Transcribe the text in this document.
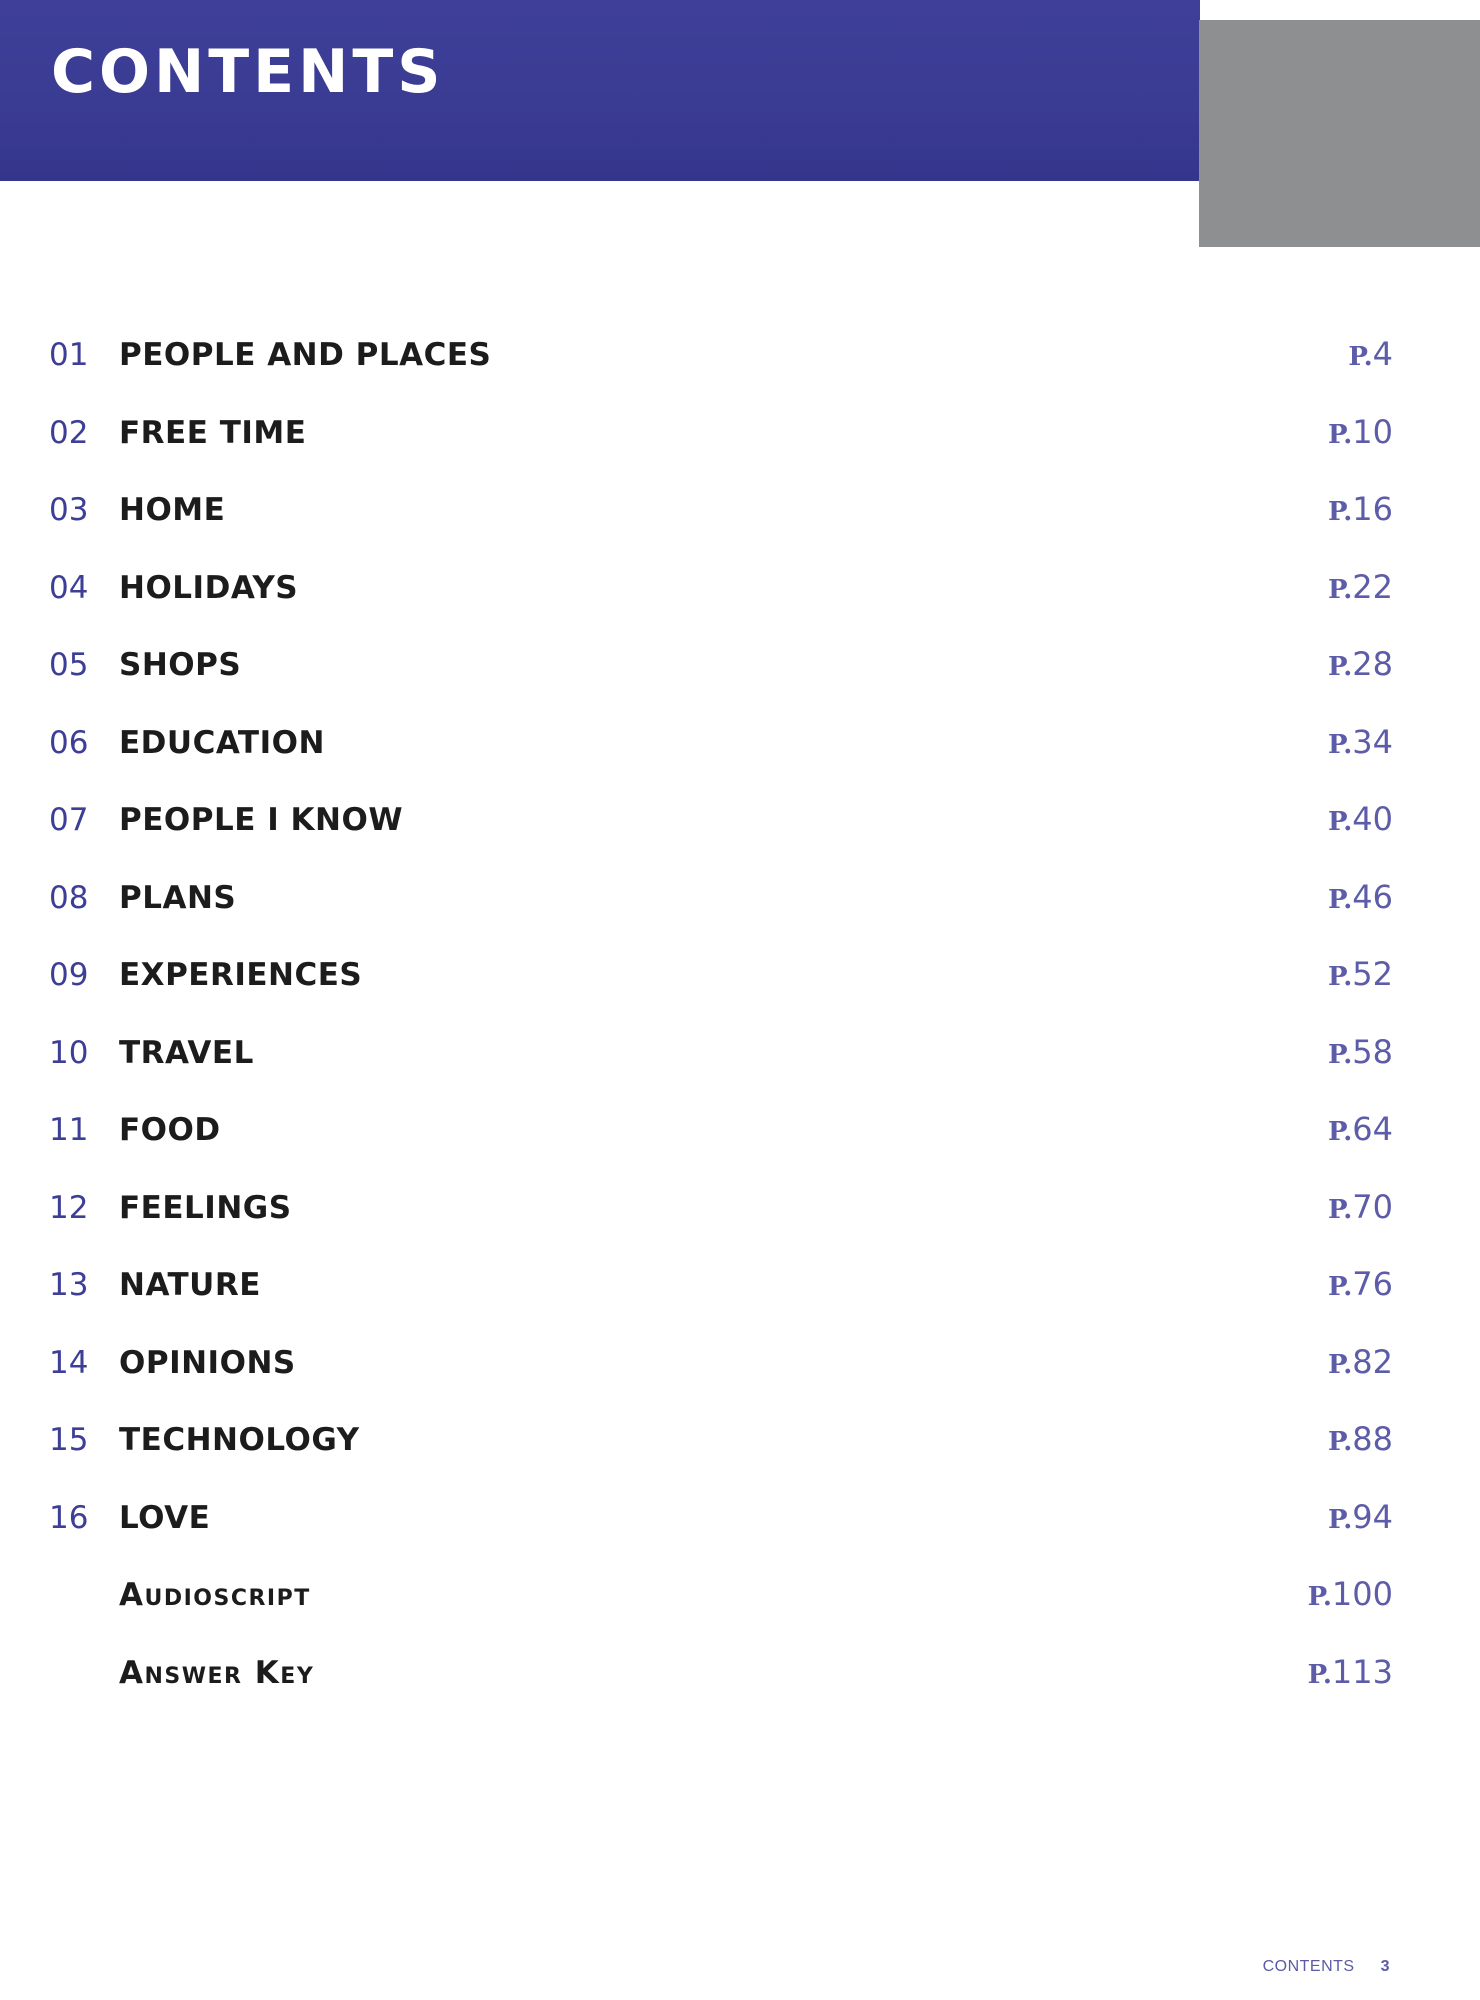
CONTENTS
01 PEOPLE AND PLACES	P.4
02 FREE TIME	P.10
03 HOME	P.16
04 HOLIDAYS	P.22
05 SHOPS	P.28
06 EDUCATION	P.34
07 PEOPLE I KNOW	P.40
08 PLANS	P.46
09 EXPERIENCES	P.52
10 TRAVEL	P.58
11 FOOD	P.64
12 FEELINGS	P.70
13 NATURE	P.76
14 OPINIONS	P.82
15 TECHNOLOGY	P.88
16 LOVE	P.94
Audioscript	P.100
Answer Key	P.113
CONTENTS 3
